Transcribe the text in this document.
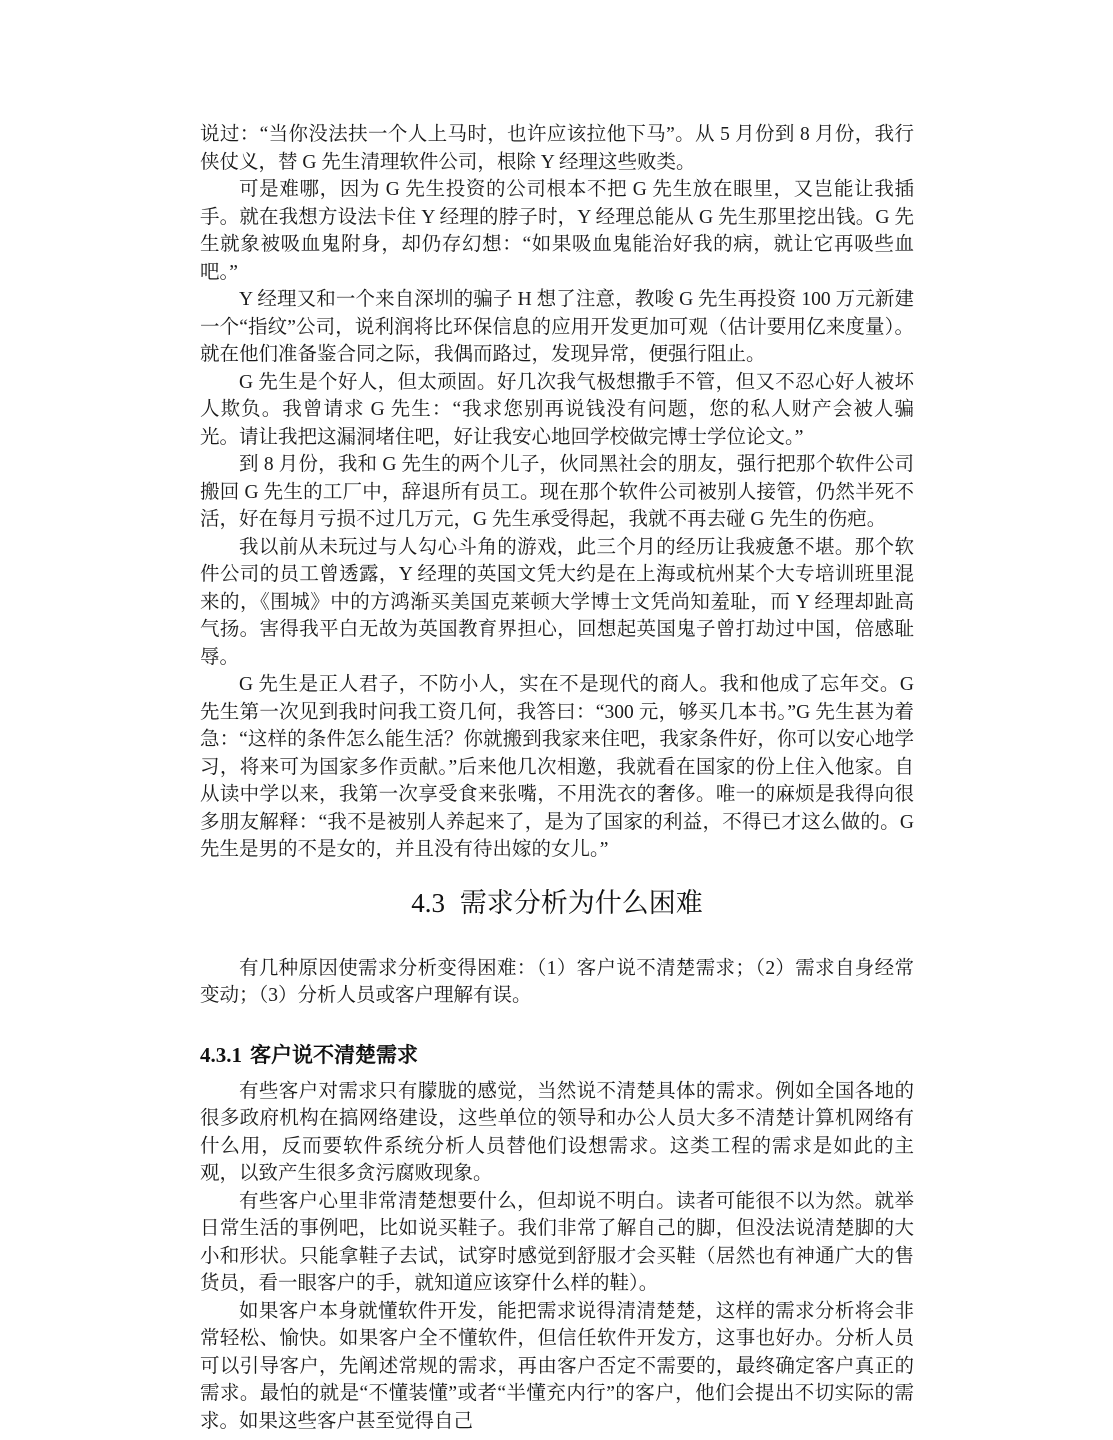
说过：“当你没法扶一个人上马时，也许应该拉他下马”。从 5 月份到 8 月份，我行侠仗义，替 G 先生清理软件公司，根除 Y 经理这些败类。

可是难哪，因为 G 先生投资的公司根本不把 G 先生放在眼里，又岂能让我插手。就在我想方设法卡住 Y 经理的脖子时，Y 经理总能从 G 先生那里挖出钱。G 先生就象被吸血鬼附身，却仍存幻想：“如果吸血鬼能治好我的病，就让它再吸些血吧。”

Y 经理又和一个来自深圳的骗子 H 想了注意，教唆 G 先生再投资 100 万元新建一个“指纹”公司，说利润将比环保信息的应用开发更加可观（估计要用亿来度量）。就在他们准备鉴合同之际，我偶而路过，发现异常，便强行阻止。

G 先生是个好人，但太顽固。好几次我气极想撒手不管，但又不忍心好人被坏人欺负。我曾请求 G 先生：“我求您别再说钱没有问题，您的私人财产会被人骗光。请让我把这漏洞堵住吧，好让我安心地回学校做完博士学位论文。”

到 8 月份，我和 G 先生的两个儿子，伙同黑社会的朋友，强行把那个软件公司搬回 G 先生的工厂中，辞退所有员工。现在那个软件公司被别人接管，仍然半死不活，好在每月亏损不过几万元，G 先生承受得起，我就不再去碰 G 先生的伤疤。

我以前从未玩过与人勾心斗角的游戏，此三个月的经历让我疲惫不堪。那个软件公司的员工曾透露，Y 经理的英国文凭大约是在上海或杭州某个大专培训班里混来的，《围城》中的方鸿渐买美国克莱顿大学博士文凭尚知羞耻，而 Y 经理却趾高气扬。害得我平白无故为英国教育界担心，回想起英国鬼子曾打劫过中国，倍感耻辱。

G 先生是正人君子，不防小人，实在不是现代的商人。我和他成了忘年交。G 先生第一次见到我时问我工资几何，我答曰：“300 元，够买几本书。”G 先生甚为着急：“这样的条件怎么能生活？你就搬到我家来住吧，我家条件好，你可以安心地学习，将来可为国家多作贡献。”后来他几次相邀，我就看在国家的份上住入他家。自从读中学以来，我第一次享受食来张嘴，不用洗衣的奢侈。唯一的麻烦是我得向很多朋友解释：“我不是被别人养起来了，是为了国家的利益，不得已才这么做的。G 先生是男的不是女的，并且没有待出嫁的女儿。”

4.3 需求分析为什么困难

有几种原因使需求分析变得困难：（1）客户说不清楚需求；（2）需求自身经常变动；（3）分析人员或客户理解有误。

4.3.1 客户说不清楚需求

有些客户对需求只有朦胧的感觉，当然说不清楚具体的需求。例如全国各地的很多政府机构在搞网络建设，这些单位的领导和办公人员大多不清楚计算机网络有什么用，反而要软件系统分析人员替他们设想需求。这类工程的需求是如此的主观，以致产生很多贪污腐败现象。

有些客户心里非常清楚想要什么，但却说不明白。读者可能很不以为然。就举日常生活的事例吧，比如说买鞋子。我们非常了解自己的脚，但没法说清楚脚的大小和形状。只能拿鞋子去试，试穿时感觉到舒服才会买鞋（居然也有神通广大的售货员，看一眼客户的手，就知道应该穿什么样的鞋）。

如果客户本身就懂软件开发，能把需求说得清清楚楚，这样的需求分析将会非常轻松、愉快。如果客户全不懂软件，但信任软件开发方，这事也好办。分析人员可以引导客户，先阐述常规的需求，再由客户否定不需要的，最终确定客户真正的需求。最怕的就是“不懂装懂”或者“半懂充内行”的客户，他们会提出不切实际的需求。如果这些客户甚至觉得自己
